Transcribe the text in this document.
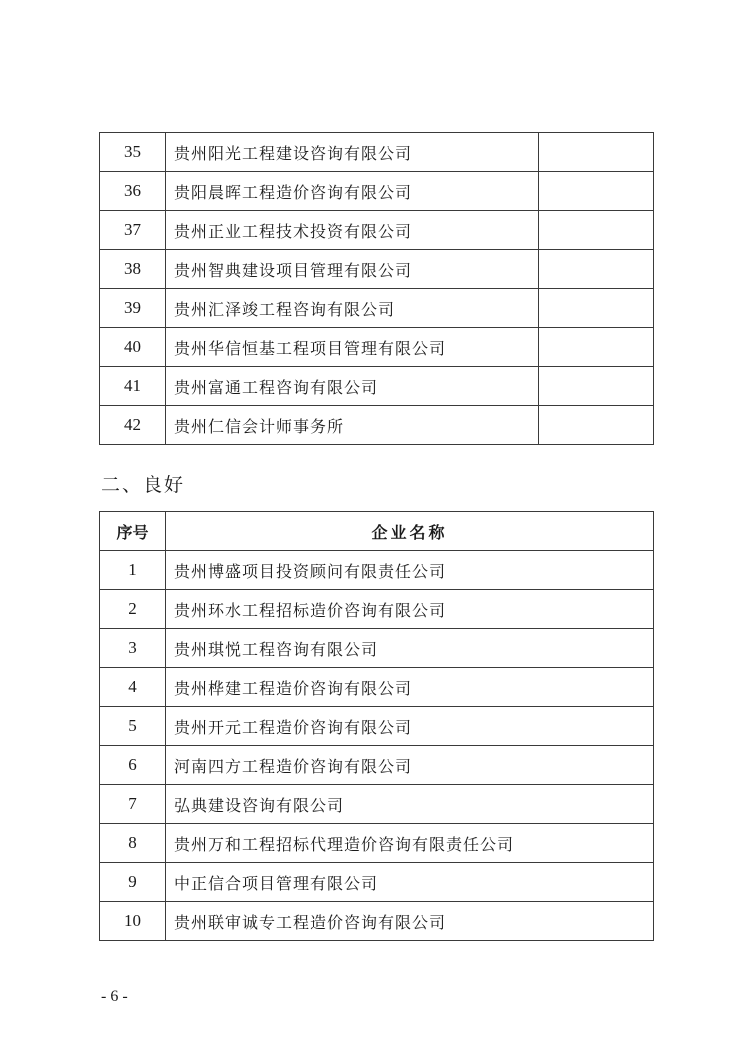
35	贵州阳光工程建设咨询有限公司	
36	贵阳晨晖工程造价咨询有限公司	
37	贵州正业工程技术投资有限公司	
38	贵州智典建设项目管理有限公司	
39	贵州汇泽竣工程咨询有限公司	
40	贵州华信恒基工程项目管理有限公司	
41	贵州富通工程咨询有限公司	
42	贵州仁信会计师事务所	
二、良好
序号	企业名称
1	贵州博盛项目投资顾问有限责任公司
2	贵州环水工程招标造价咨询有限公司
3	贵州琪悦工程咨询有限公司
4	贵州桦建工程造价咨询有限公司
5	贵州开元工程造价咨询有限公司
6	河南四方工程造价咨询有限公司
7	弘典建设咨询有限公司
8	贵州万和工程招标代理造价咨询有限责任公司
9	中正信合项目管理有限公司
10	贵州联审诚专工程造价咨询有限公司
- 6 -
